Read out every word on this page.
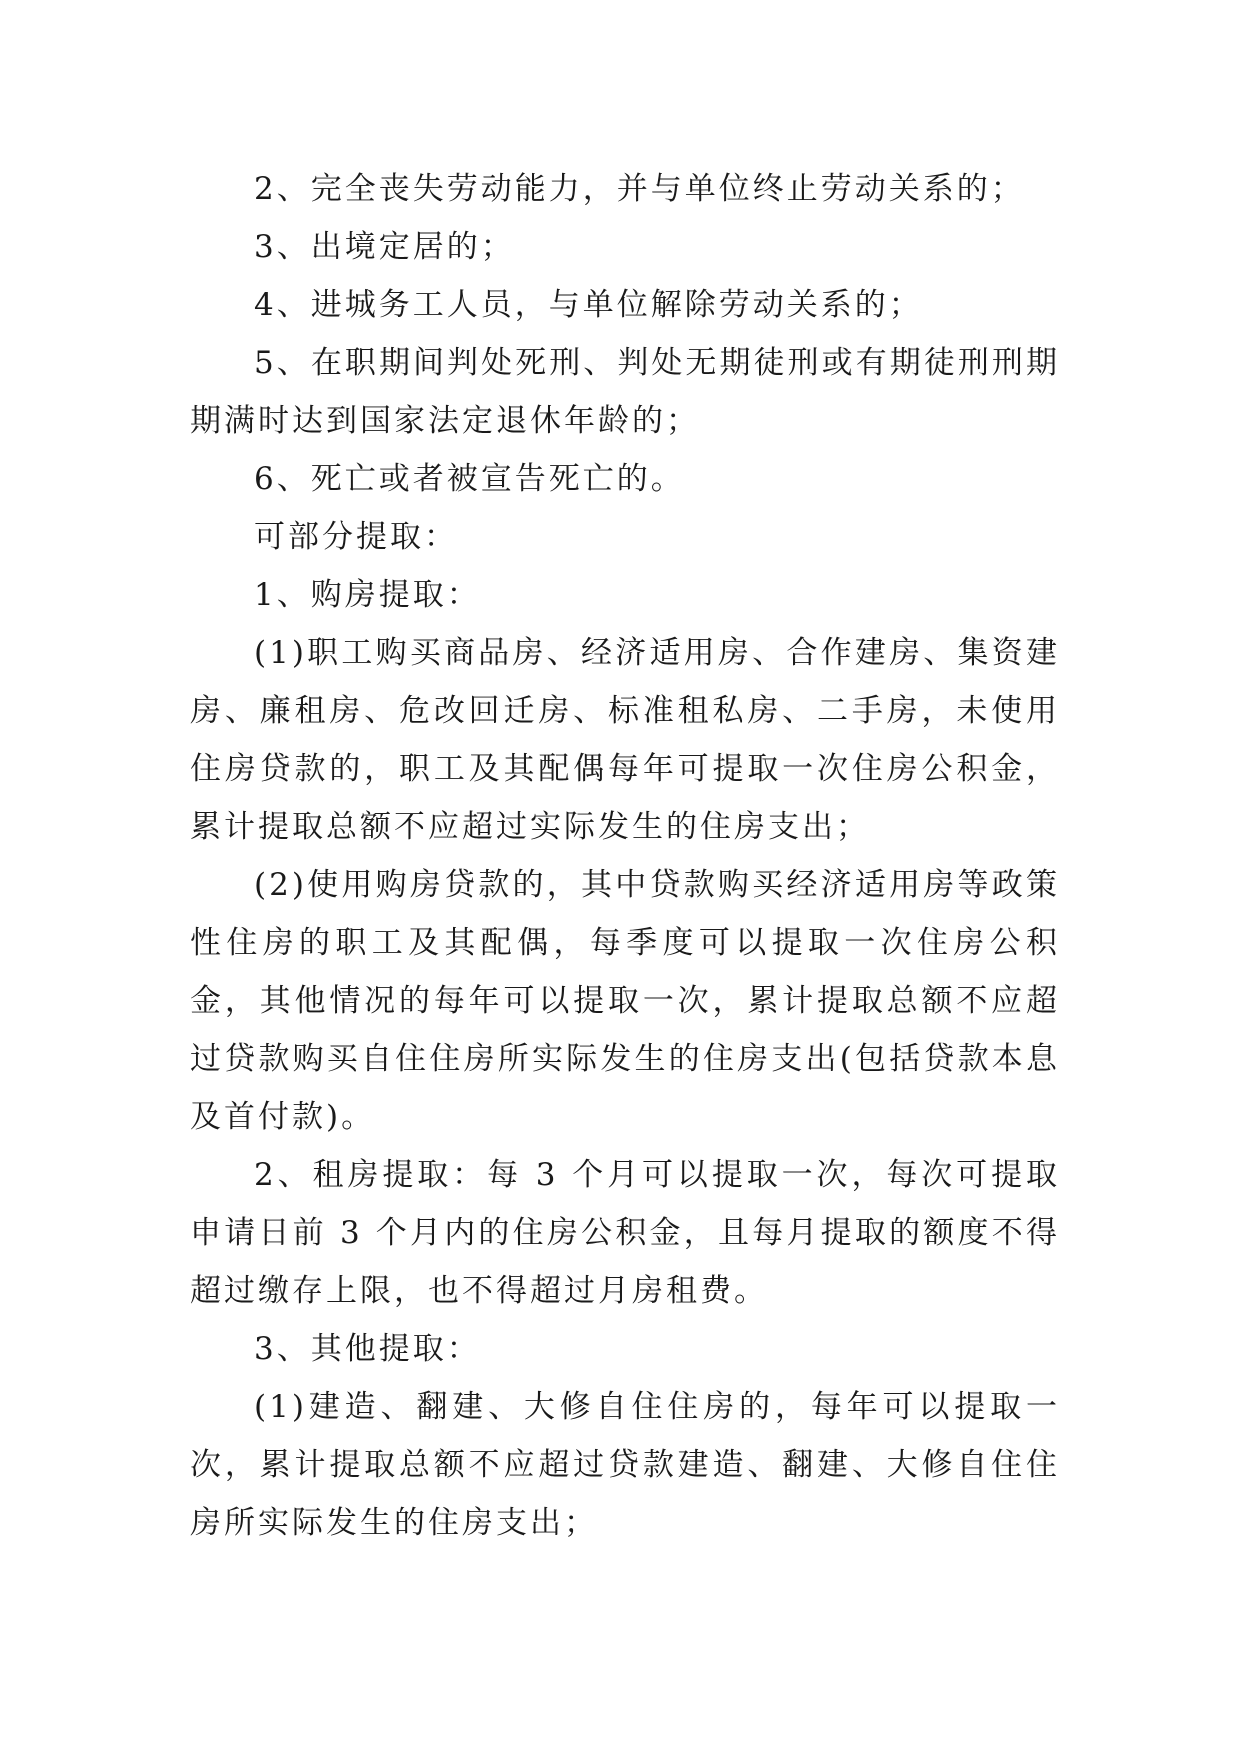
2、完全丧失劳动能力，并与单位终止劳动关系的；

3、出境定居的；

4、进城务工人员，与单位解除劳动关系的；

5、在职期间判处死刑、判处无期徒刑或有期徒刑刑期期满时达到国家法定退休年龄的；

6、死亡或者被宣告死亡的。

可部分提取：

1、购房提取：

(1)职工购买商品房、经济适用房、合作建房、集资建房、廉租房、危改回迁房、标准租私房、二手房，未使用住房贷款的，职工及其配偶每年可提取一次住房公积金，累计提取总额不应超过实际发生的住房支出；

(2)使用购房贷款的，其中贷款购买经济适用房等政策性住房的职工及其配偶，每季度可以提取一次住房公积金，其他情况的每年可以提取一次，累计提取总额不应超过贷款购买自住住房所实际发生的住房支出(包括贷款本息及首付款)。

2、租房提取：每 3 个月可以提取一次，每次可提取申请日前 3 个月内的住房公积金，且每月提取的额度不得超过缴存上限，也不得超过月房租费。

3、其他提取：

(1)建造、翻建、大修自住住房的，每年可以提取一次，累计提取总额不应超过贷款建造、翻建、大修自住住房所实际发生的住房支出；
